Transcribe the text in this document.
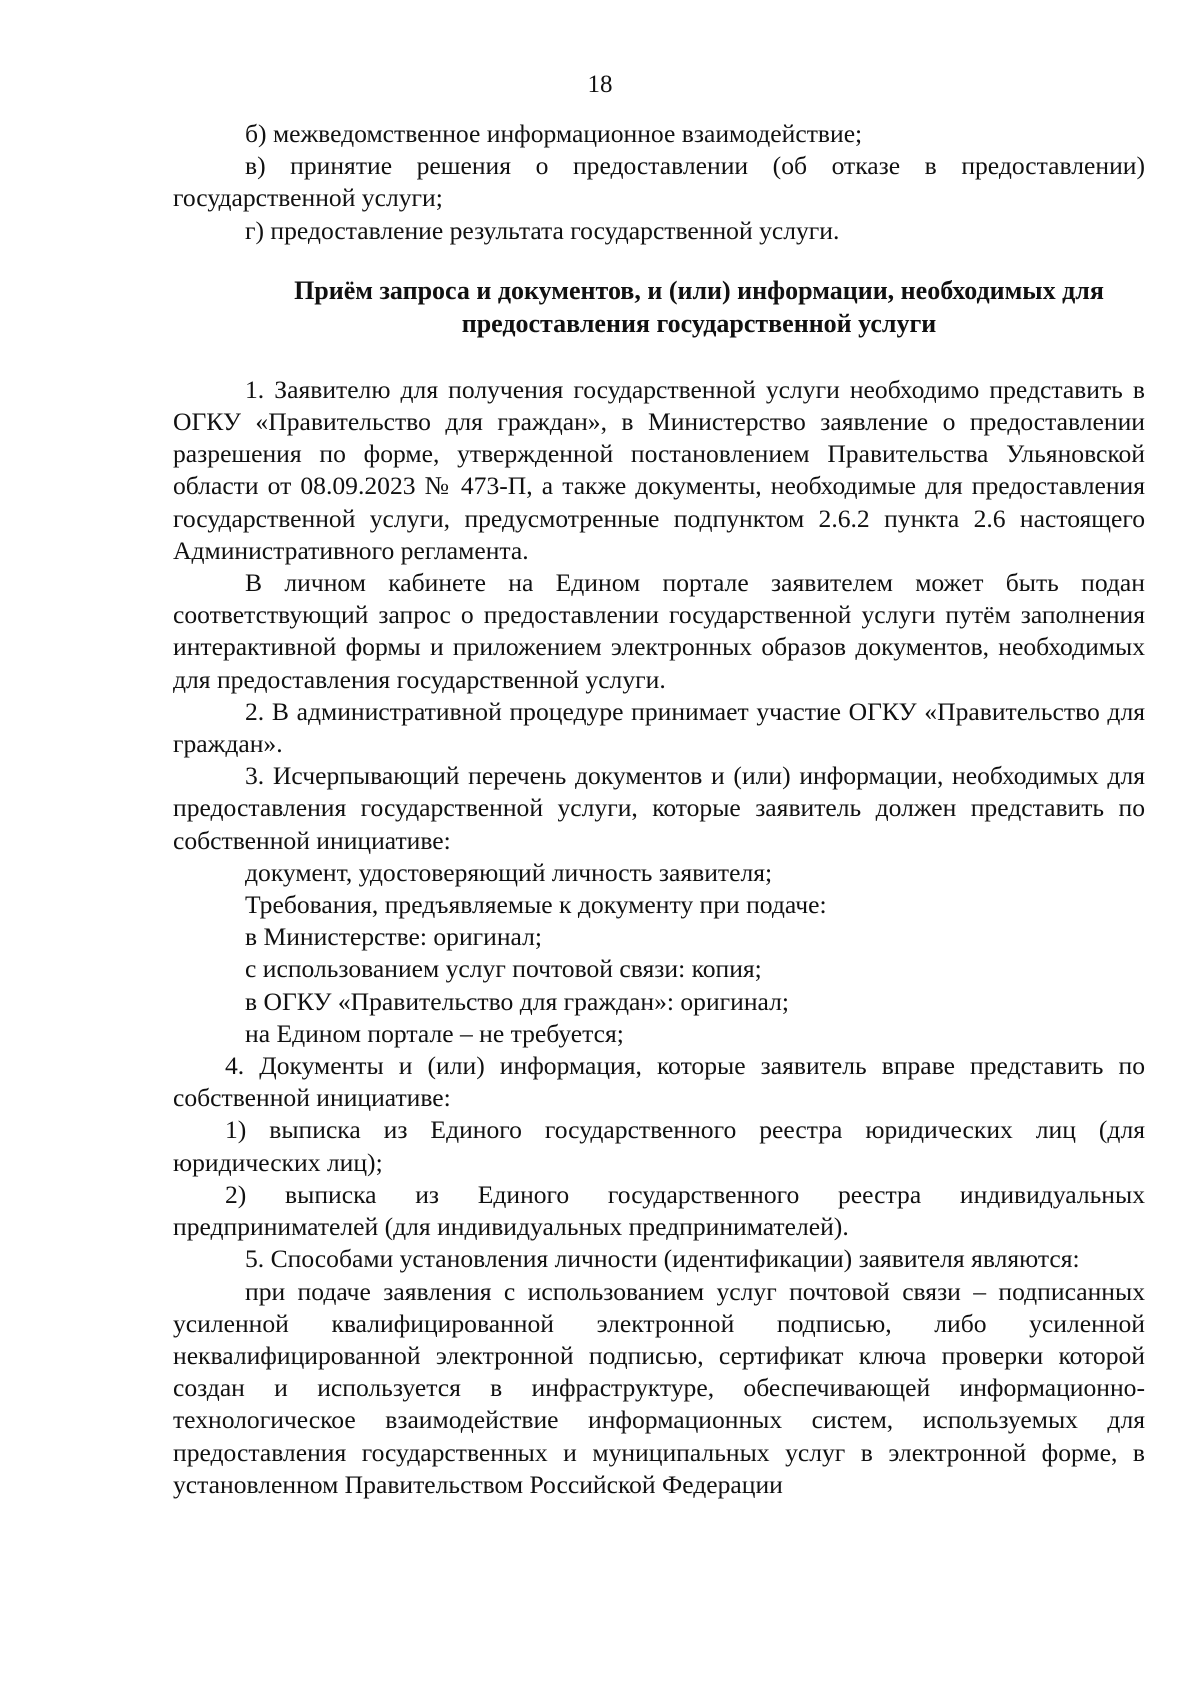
18

б) межведомственное информационное взаимодействие;

в) принятие решения о предоставлении (об отказе в предоставлении) государственной услуги;

г) предоставление результата государственной услуги.

Приём запроса и документов, и (или) информации, необходимых для
предоставления государственной услуги

1. Заявителю для получения государственной услуги необходимо представить в ОГКУ «Правительство для граждан», в Министерство заявление о предоставлении разрешения по форме, утвержденной постановлением Правительства Ульяновской области от 08.09.2023 № 473-П, а также документы, необходимые для предоставления государственной услуги, предусмотренные подпунктом 2.6.2 пункта 2.6 настоящего Административного регламента.

В личном кабинете на Едином портале заявителем может быть подан соответствующий запрос о предоставлении государственной услуги путём заполнения интерактивной формы и приложением электронных образов документов, необходимых для предоставления государственной услуги.

2. В административной процедуре принимает участие ОГКУ «Правительство для граждан».

3. Исчерпывающий перечень документов и (или) информации, необходимых для предоставления государственной услуги, которые заявитель должен представить по собственной инициативе:

документ, удостоверяющий личность заявителя;

Требования, предъявляемые к документу при подаче:

в Министерстве: оригинал;

с использованием услуг почтовой связи: копия;

в ОГКУ «Правительство для граждан»: оригинал;

на Едином портале – не требуется;

4. Документы и (или) информация, которые заявитель вправе представить по собственной инициативе:

1) выписка из Единого государственного реестра юридических лиц (для юридических лиц);

2) выписка из Единого государственного реестра индивидуальных предпринимателей (для индивидуальных предпринимателей).

5. Способами установления личности (идентификации) заявителя являются:

при подаче заявления с использованием услуг почтовой связи – подписанных усиленной квалифицированной электронной подписью, либо усиленной неквалифицированной электронной подписью, сертификат ключа проверки которой создан и используется в инфраструктуре, обеспечивающей информационно-технологическое взаимодействие информационных систем, используемых для предоставления государственных и муниципальных услуг в электронной форме, в установленном Правительством Российской Федерации
